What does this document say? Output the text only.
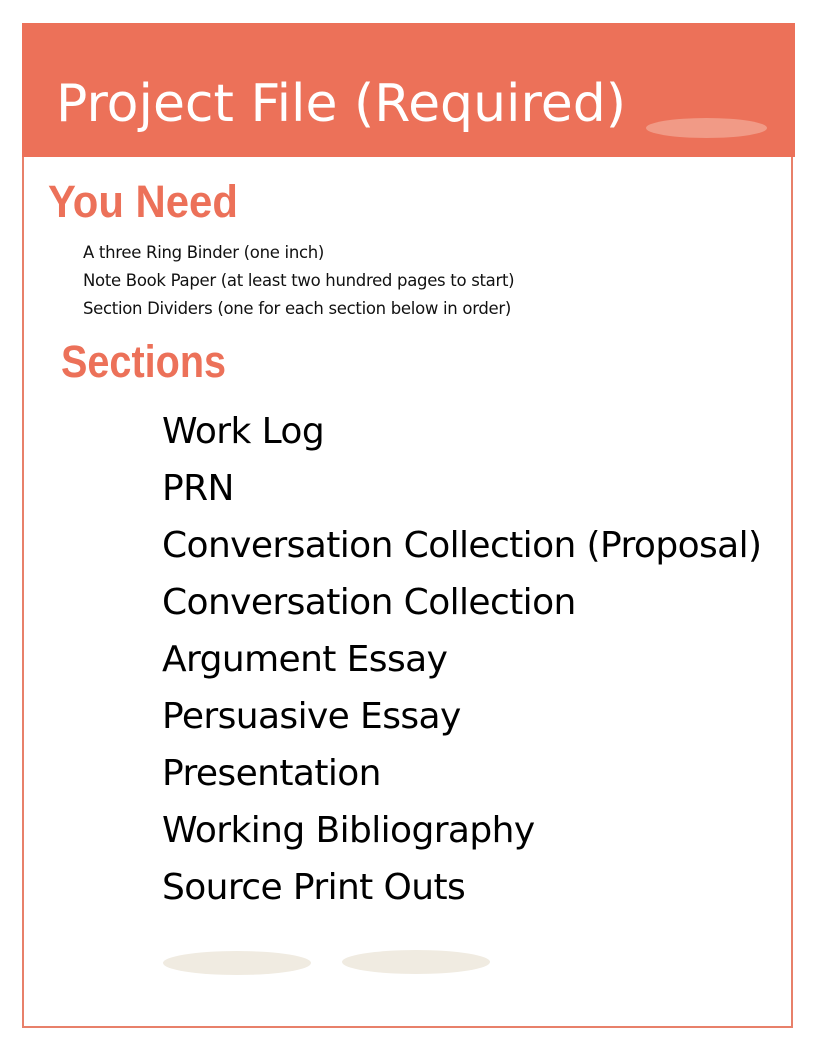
Project File (Required)
You Need
A three Ring Binder (one inch)
Note Book Paper (at least two hundred pages to start)
Section Dividers (one for each section below in order)
Sections
Work Log
PRN
Conversation Collection (Proposal)
Conversation Collection
Argument Essay
Persuasive Essay
Presentation
Working Bibliography
Source Print Outs
